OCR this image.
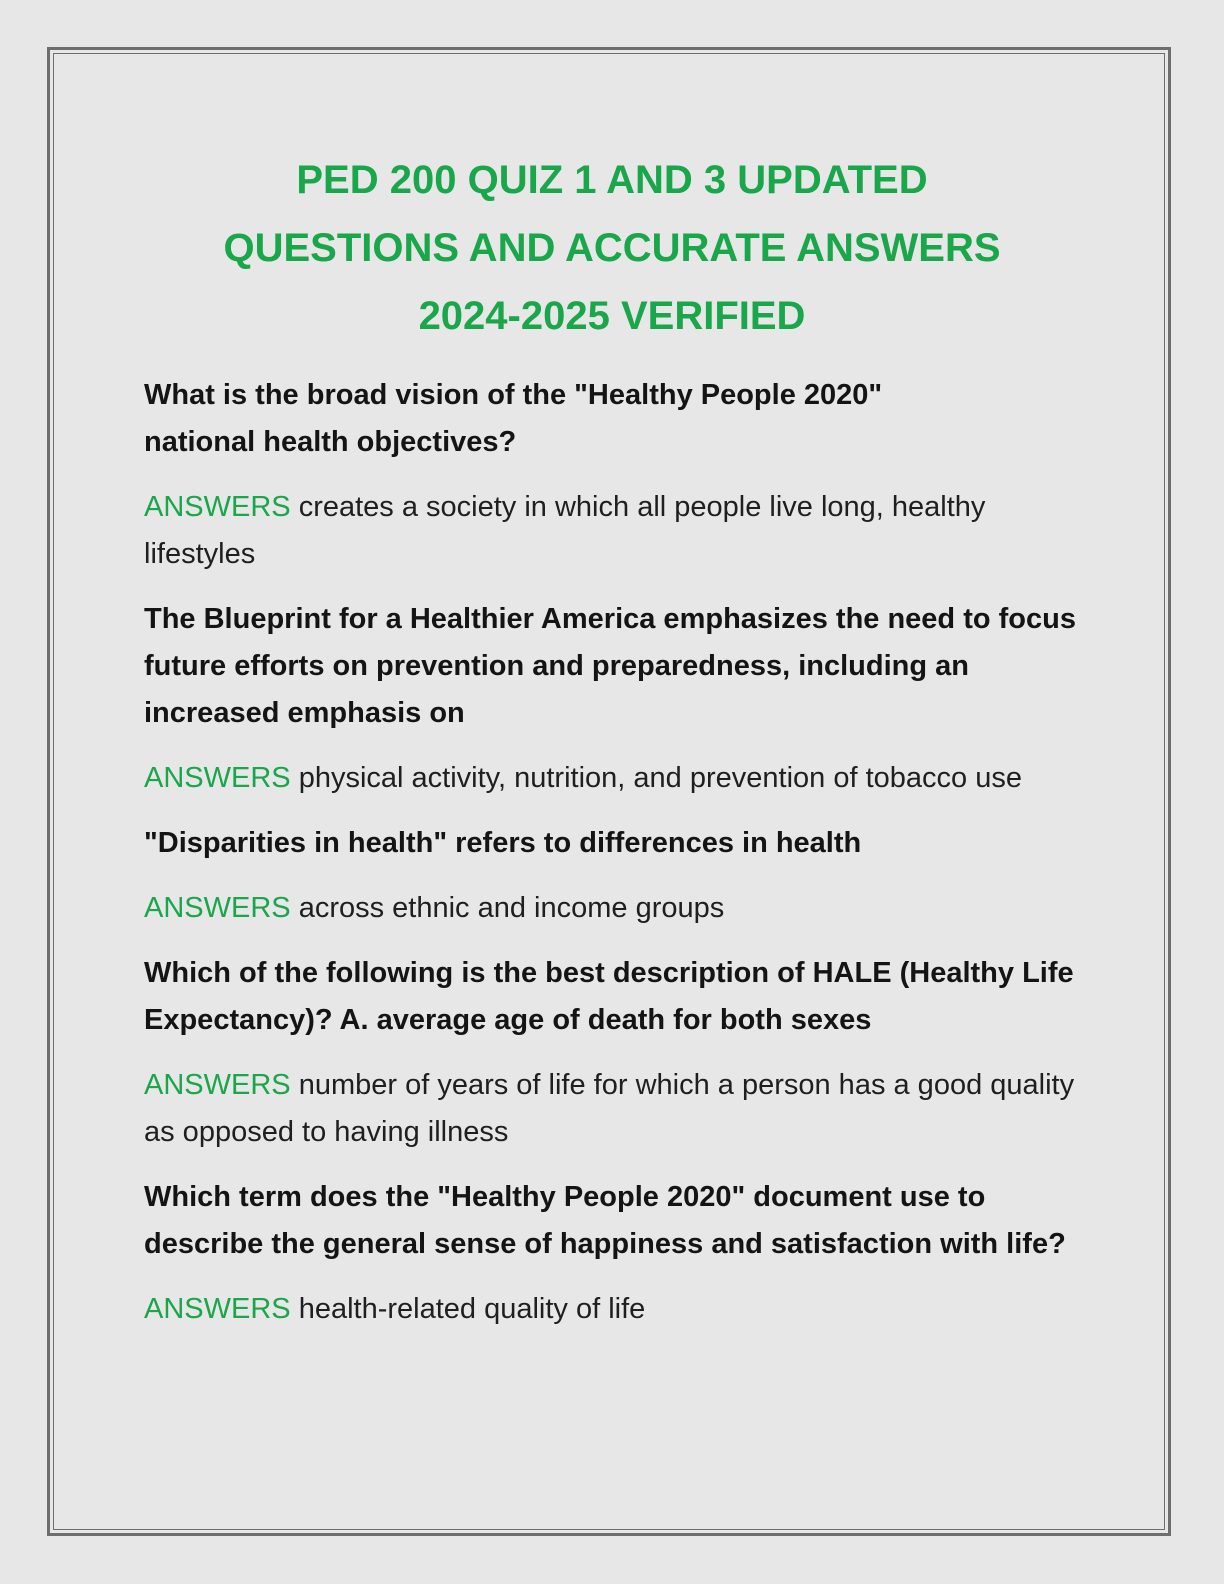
PED 200 QUIZ 1 AND 3 UPDATED QUESTIONS AND ACCURATE ANSWERS 2024-2025 VERIFIED

What is the broad vision of the "Healthy People 2020" national health objectives?

ANSWERS creates a society in which all people live long, healthy lifestyles

The Blueprint for a Healthier America emphasizes the need to focus future efforts on prevention and preparedness, including an increased emphasis on

ANSWERS physical activity, nutrition, and prevention of tobacco use

"Disparities in health" refers to differences in health

ANSWERS across ethnic and income groups

Which of the following is the best description of HALE (Healthy Life Expectancy)? A. average age of death for both sexes

ANSWERS number of years of life for which a person has a good quality as opposed to having illness

Which term does the "Healthy People 2020" document use to describe the general sense of happiness and satisfaction with life?

ANSWERS health-related quality of life
